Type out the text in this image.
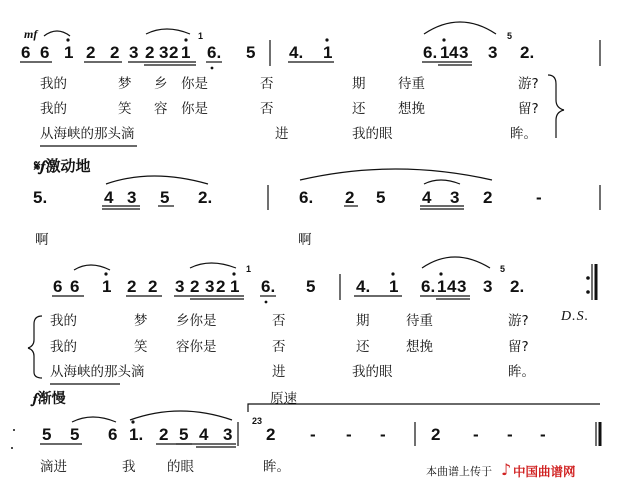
mf
6 6 1 2 2 3 2 3 2 1
1
6. 5 4. 1	6. 1 4 3 3
5
2.
我的	梦 乡 你是	否	期 待重	游?
我的	笑 容 你是	否	还 想挽	留?
从海峡的那头滴	进	我的眼	眸。
𝄋𝆑激动地
5.	4 3 5 2.	6. 2 5 4 3 2	-
啊	啊
6 6 1 2 2 3 2 3 2 1
1
6. 5 4. 1 6. 1 4 3 3
5
2.
我的	梦 乡你是	否	期	待重	游?
我的	笑 容你是	否	还	想挽	留?
从海峡的那头滴	进	我的眼	眸。
D.S.
𝆑渐慢	原速
5 5 6 1. 2 5 4 3
23
2 - - -	2 - - -
滴进	我 的眼	眸。	本曲谱上传于 ♪ 中国曲谱网
